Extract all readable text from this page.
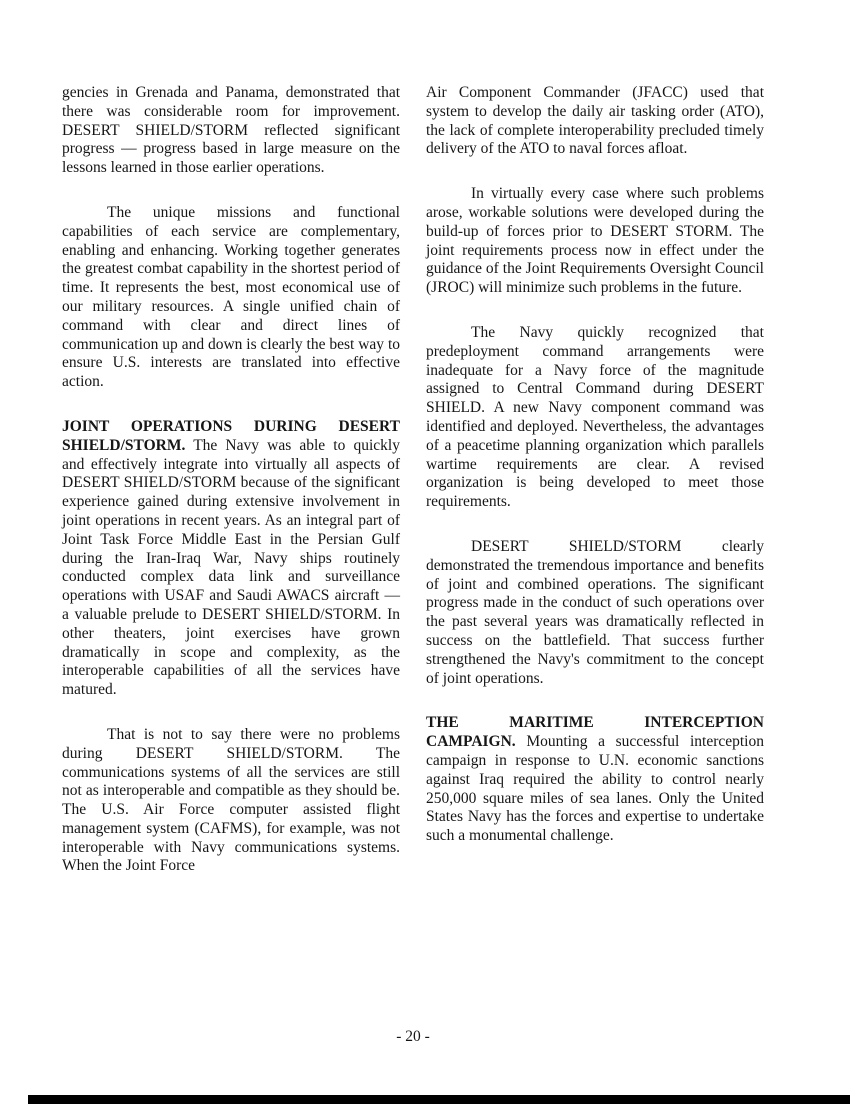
gencies in Grenada and Panama, demonstrated that there was considerable room for improvement. DESERT SHIELD/STORM reflected significant progress — progress based in large measure on the lessons learned in those earlier operations.

The unique missions and functional capabilities of each service are complementary, enabling and enhancing. Working together generates the greatest combat capability in the shortest period of time. It represents the best, most economical use of our military resources. A single unified chain of command with clear and direct lines of communication up and down is clearly the best way to ensure U.S. interests are translated into effective action.

JOINT OPERATIONS DURING DESERT SHIELD/STORM. The Navy was able to quickly and effectively integrate into virtually all aspects of DESERT SHIELD/STORM because of the significant experience gained during extensive involvement in joint operations in recent years. As an integral part of Joint Task Force Middle East in the Persian Gulf during the Iran-Iraq War, Navy ships routinely conducted complex data link and surveillance operations with USAF and Saudi AWACS aircraft — a valuable prelude to DESERT SHIELD/STORM. In other theaters, joint exercises have grown dramatically in scope and complexity, as the interoperable capabilities of all the services have matured.

That is not to say there were no problems during DESERT SHIELD/STORM. The communications systems of all the services are still not as interoperable and compatible as they should be. The U.S. Air Force computer assisted flight management system (CAFMS), for example, was not interoperable with Navy communications systems. When the Joint Force

Air Component Commander (JFACC) used that system to develop the daily air tasking order (ATO), the lack of complete interoperability precluded timely delivery of the ATO to naval forces afloat.

In virtually every case where such problems arose, workable solutions were developed during the build-up of forces prior to DESERT STORM. The joint requirements process now in effect under the guidance of the Joint Requirements Oversight Council (JROC) will minimize such problems in the future.

The Navy quickly recognized that predeployment command arrangements were inadequate for a Navy force of the magnitude assigned to Central Command during DESERT SHIELD. A new Navy component command was identified and deployed. Nevertheless, the advantages of a peacetime planning organization which parallels wartime requirements are clear. A revised organization is being developed to meet those requirements.

DESERT SHIELD/STORM clearly demonstrated the tremendous importance and benefits of joint and combined operations. The significant progress made in the conduct of such operations over the past several years was dramatically reflected in success on the battlefield. That success further strengthened the Navy's commitment to the concept of joint operations.

THE MARITIME INTERCEPTION CAMPAIGN. Mounting a successful interception campaign in response to U.N. economic sanctions against Iraq required the ability to control nearly 250,000 square miles of sea lanes. Only the United States Navy has the forces and expertise to undertake such a monumental challenge.

- 20 -
